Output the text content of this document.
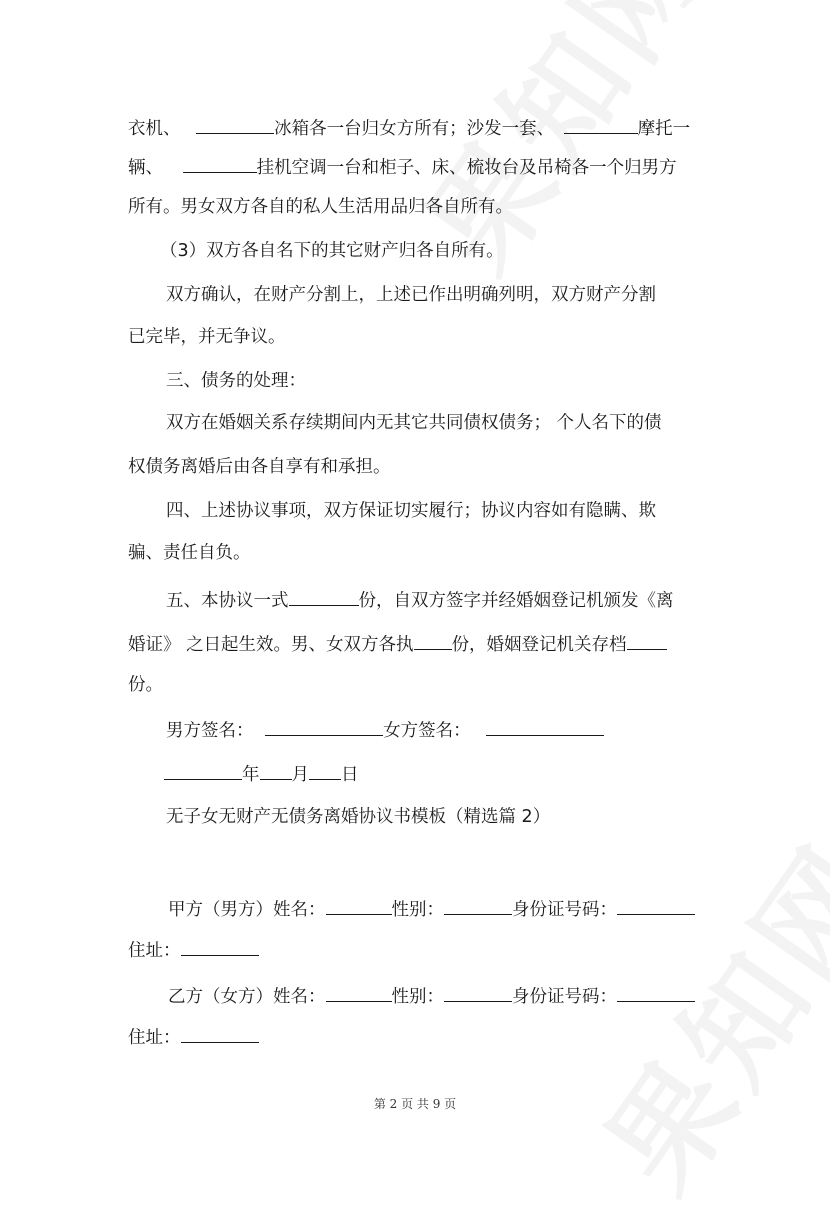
衣机、	冰箱各一台归女方所有；沙发一套、	摩托一
辆、	挂机空调一台和柜子、床、梳妆台及吊椅各一个归男方
所有。男女双方各自的私人生活用品归各自所有。
（3）双方各自名下的其它财产归各自所有。
双方确认，在财产分割上，上述已作出明确列明，双方财产分割
已完毕，并无争议。
三、债务的处理：
双方在婚姻关系存续期间内无其它共同债权债务； 个人名下的债
权债务离婚后由各自享有和承担。
四、上述协议事项，双方保证切实履行；协议内容如有隐瞒、欺
骗、责任自负。
五、本协议一式	份，自双方签字并经婚姻登记机颁发《离
婚证》 之日起生效。男、女双方各执 份，婚姻登记机关存档
份。
男方签名：	女方签名：
年 月 日
无子女无财产无债务离婚协议书模板（精选篇 2）
甲方（男方）姓名：	性别：	身份证号码：
住址：
乙方（女方）姓名：	性别：	身份证号码：
住址：
第 2 页 共 9 页
